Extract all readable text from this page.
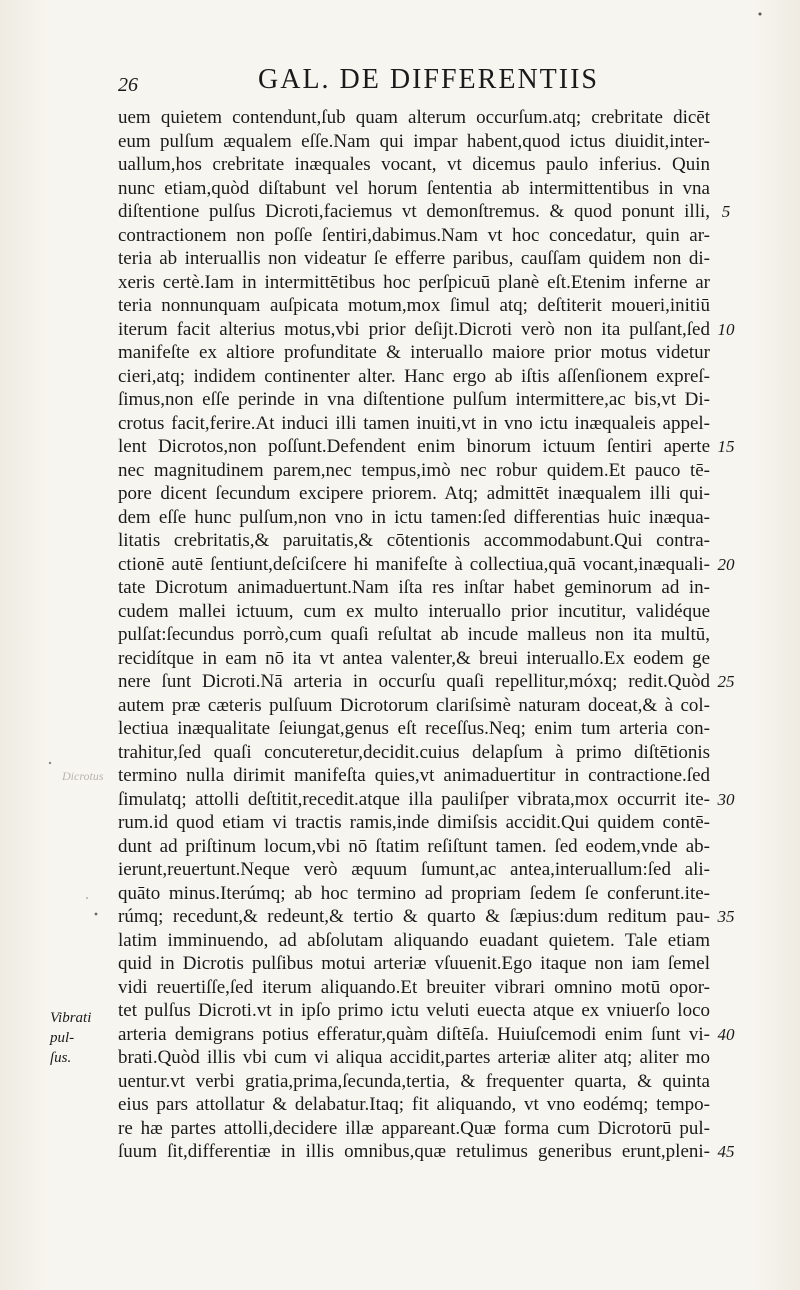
26	GAL. DE DIFFERENTIIS
Dicrotus
uem quietem contendunt,ſub quam alterum occurſum.atq; crebritate dicēt
eum pulſum æqualem eſſe.Nam qui impar habent,quod ictus diuidit,inter-
uallum,hos crebritate inæquales vocant, vt dicemus paulo inferius. Quin
nunc etiam,quòd diſtabunt vel horum ſententia ab intermittentibus in vna
diſtentione pulſus Dicroti,faciemus vt demonſtremus. & quod ponunt illi,
contractionem non poſſe ſentiri,dabimus.Nam vt hoc concedatur, quin ar-
teria ab interuallis non videatur ſe efferre paribus, cauſſam quidem non di-
xeris certè.Iam in intermittētibus hoc perſpicuū planè eſt.Etenim inferne ar
teria nonnunquam auſpicata motum,mox ſimul atq; deſtiterit moueri,initiū
iterum facit alterius motus,vbi prior deſijt.Dicroti verò non ita pulſant,ſed
manifeſte ex altiore profunditate & interuallo maiore prior motus videtur
cieri,atq; indidem continenter alter. Hanc ergo ab iſtis aſſenſionem expreſ-
ſimus,non eſſe perinde in vna diſtentione pulſum intermittere,ac bis,vt Di-
crotus facit,ferire.At induci illi tamen inuiti,vt in vno ictu inæqualeis appel-
lent Dicrotos,non poſſunt.Defendent enim binorum ictuum ſentiri aperte
nec magnitudinem parem,nec tempus,imò nec robur quidem.Et pauco tē-
pore dicent ſecundum excipere priorem. Atq; admittēt inæqualem illi qui-
dem eſſe hunc pulſum,non vno in ictu tamen:ſed differentias huic inæqua-
litatis crebritatis,& paruitatis,& cōtentionis accommodabunt.Qui contra-
ctionē autē ſentiunt,deſciſcere hi manifeſte à collectiua,quā vocant,inæquali-
tate Dicrotum animaduertunt.Nam iſta res inſtar habet geminorum ad in-
cudem mallei ictuum, cum ex multo interuallo prior incutitur, validéque
pulſat:ſecundus porrò,cum quaſi reſultat ab incude malleus non ita multū,
recidítque in eam nō ita vt antea valenter,& breui interuallo.Ex eodem ge
nere ſunt Dicroti.Nā arteria in occurſu quaſi repellitur,móxq; redit.Quòd
autem præ cæteris pulſuum Dicrotorum clariſsimè naturam doceat,& à col-
lectiua inæqualitate ſeiungat,genus eſt receſſus.Neq; enim tum arteria con-
trahitur,ſed quaſi concuteretur,decidit.cuius delapſum à primo diſtētionis
termino nulla dirimit manifeſta quies,vt animaduertitur in contractione.ſed
ſimulatq; attolli deſtitit,recedit.atque illa pauliſper vibrata,mox occurrit ite-
rum.id quod etiam vi tractis ramis,inde dimiſsis accidit.Qui quidem contē-
dunt ad priſtinum locum,vbi nō ſtatim reſiſtunt tamen. ſed eodem,vnde ab-
ierunt,reuertunt.Neque verò æquum ſumunt,ac antea,interuallum:ſed ali-
quāto minus.Iterúmq; ab hoc termino ad propriam ſedem ſe conferunt.ite-
rúmq; recedunt,& redeunt,& tertio & quarto & ſæpius:dum reditum pau-
latim imminuendo, ad abſolutam aliquando euadant quietem. Tale etiam
quid in Dicrotis pulſibus motui arteriæ vſuuenit.Ego itaque non iam ſemel
vidi reuertiſſe,ſed iterum aliquando.Et breuiter vibrari omnino motū opor-
tet pulſus Dicroti.vt in ipſo primo ictu veluti euecta atque ex vniuerſo loco
arteria demigrans potius efferatur,quàm diſtēſa. Huiuſcemodi enim ſunt vi-
brati.Quòd illis vbi cum vi aliqua accidit,partes arteriæ aliter atq; aliter mo
uentur.vt verbi gratia,prima,ſecunda,tertia, & frequenter quarta, & quinta
eius pars attollatur & delabatur.Itaq; fit aliquando, vt vno eodémq; tempo-
re hæ partes attolli,decidere illæ appareant.Quæ forma cum Dicrotorū pul-
ſuum ſit,differentiæ in illis omnibus,quæ retulimus generibus erunt,pleni-
5
10
15
20
25
30
35
40
45
Vibrati pul-
ſus.
